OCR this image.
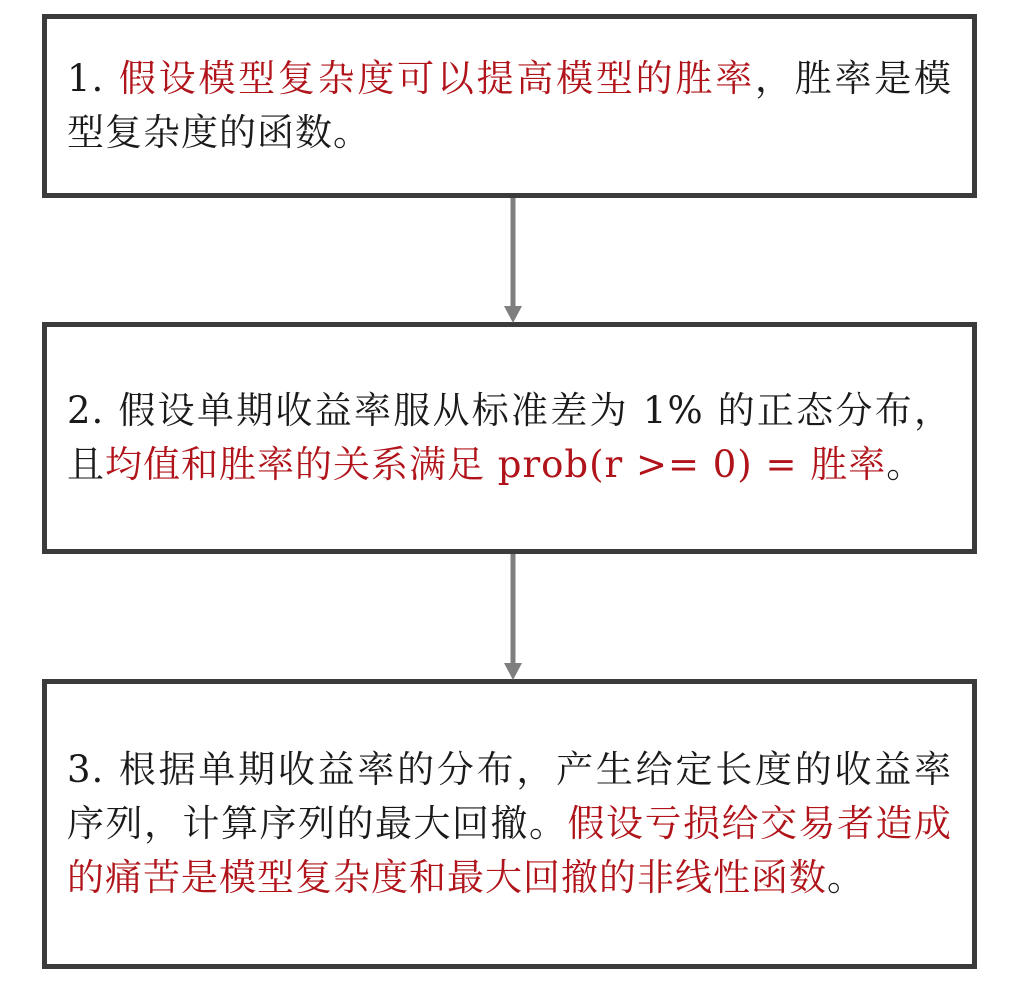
1. 假设模型复杂度可以提高模型的胜率，胜率是模型复杂度的函数。

2. 假设单期收益率服从标准差为 1% 的正态分布，且均值和胜率的关系满足 prob(r >= 0) = 胜率。

3. 根据单期收益率的分布，产生给定长度的收益率序列，计算序列的最大回撤。假设亏损给交易者造成的痛苦是模型复杂度和最大回撤的非线性函数。
